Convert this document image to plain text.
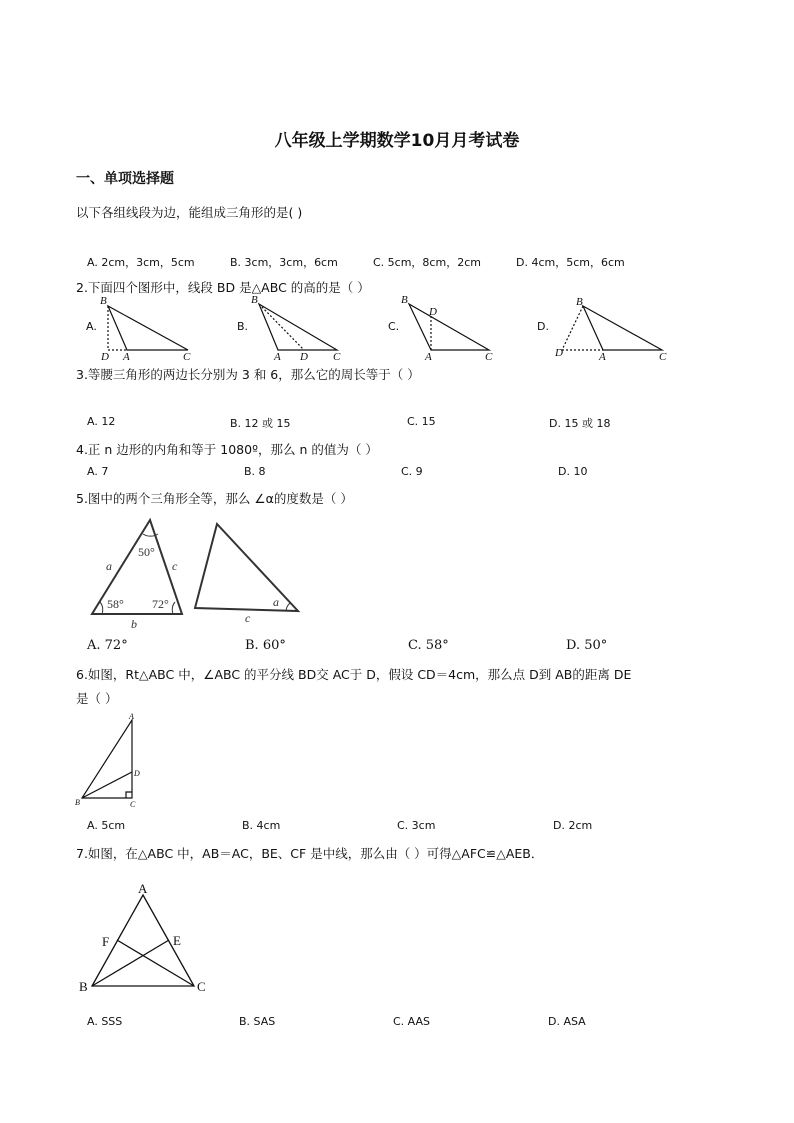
八年级上学期数学10月月考试卷
一、单项选择题
以下各组线段为边，能组成三角形的是( )
A. 2cm，3cm，5cm	B. 3cm，3cm，6cm	C. 5cm，8cm，2cm	D. 4cm，5cm，6cm
2.下面四个图形中，线段 BD 是△ABC 的高的是（ ）
A.	B.	C.	D.
B
D A	C
B
A D C
B
D
A	C
B
D	A	C
3.等腰三角形的两边长分别为 3 和 6，那么它的周长等于（ ）
A. 12	B. 12 或 15	C. 15	D. 15 或 18
4.正 n 边形的内角和等于 1080º，那么 n 的值为（ ）
A. 7	B. 8	C. 9	D. 10
5.图中的两个三角形全等，那么 ∠α的度数是（ ）
50°
58° 72°
a	c
b
a
c
A. 72°	B. 60°	C. 58°	D. 50°
6.如图，Rt△ABC 中，∠ABC 的平分线 BD交 AC于 D，假设 CD＝4cm，那么点 D到 AB的距离 DE
是（ ）
A
D
B	C
A. 5cm	B. 4cm	C. 3cm	D. 2cm
7.如图，在△ABC 中，AB＝AC，BE、CF 是中线，那么由（ ）可得△AFC≌△AEB．
A
F	E
B	C
A. SSS	B. SAS	C. AAS	D. ASA
